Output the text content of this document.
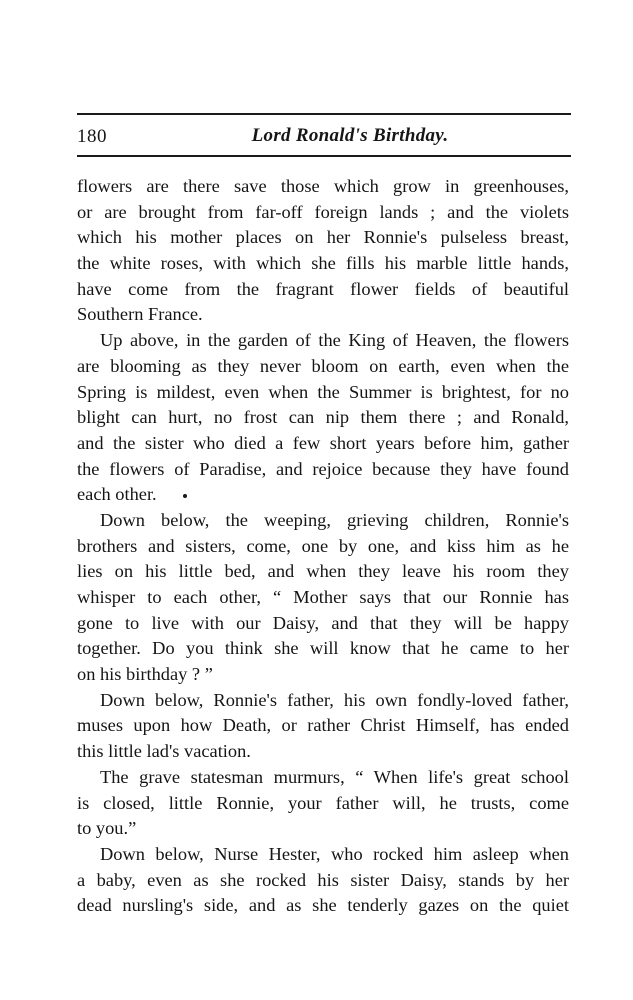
180	Lord Ronald's Birthday.
flowers are there save those which grow in greenhouses,
or are brought from far-off foreign lands ; and the violets
which his mother places on her Ronnie's pulseless breast,
the white roses, with which she fills his marble little hands,
have come from the fragrant flower fields of beautiful
Southern France.
Up above, in the garden of the King of Heaven, the flowers
are blooming as they never bloom on earth, even when the
Spring is mildest, even when the Summer is brightest, for no
blight can hurt, no frost can nip them there ; and Ronald,
and the sister who died a few short years before him, gather
the flowers of Paradise, and rejoice because they have found
each other.
Down below, the weeping, grieving children, Ronnie's
brothers and sisters, come, one by one, and kiss him as he
lies on his little bed, and when they leave his room they
whisper to each other, “ Mother says that our Ronnie has
gone to live with our Daisy, and that they will be happy
together. Do you think she will know that he came to her
on his birthday ? ”
Down below, Ronnie's father, his own fondly-loved father,
muses upon how Death, or rather Christ Himself, has ended
this little lad's vacation.
The grave statesman murmurs, “ When life's great school
is closed, little Ronnie, your father will, he trusts, come
to you.”
Down below, Nurse Hester, who rocked him asleep when
a baby, even as she rocked his sister Daisy, stands by her
dead nursling's side, and as she tenderly gazes on the quiet
